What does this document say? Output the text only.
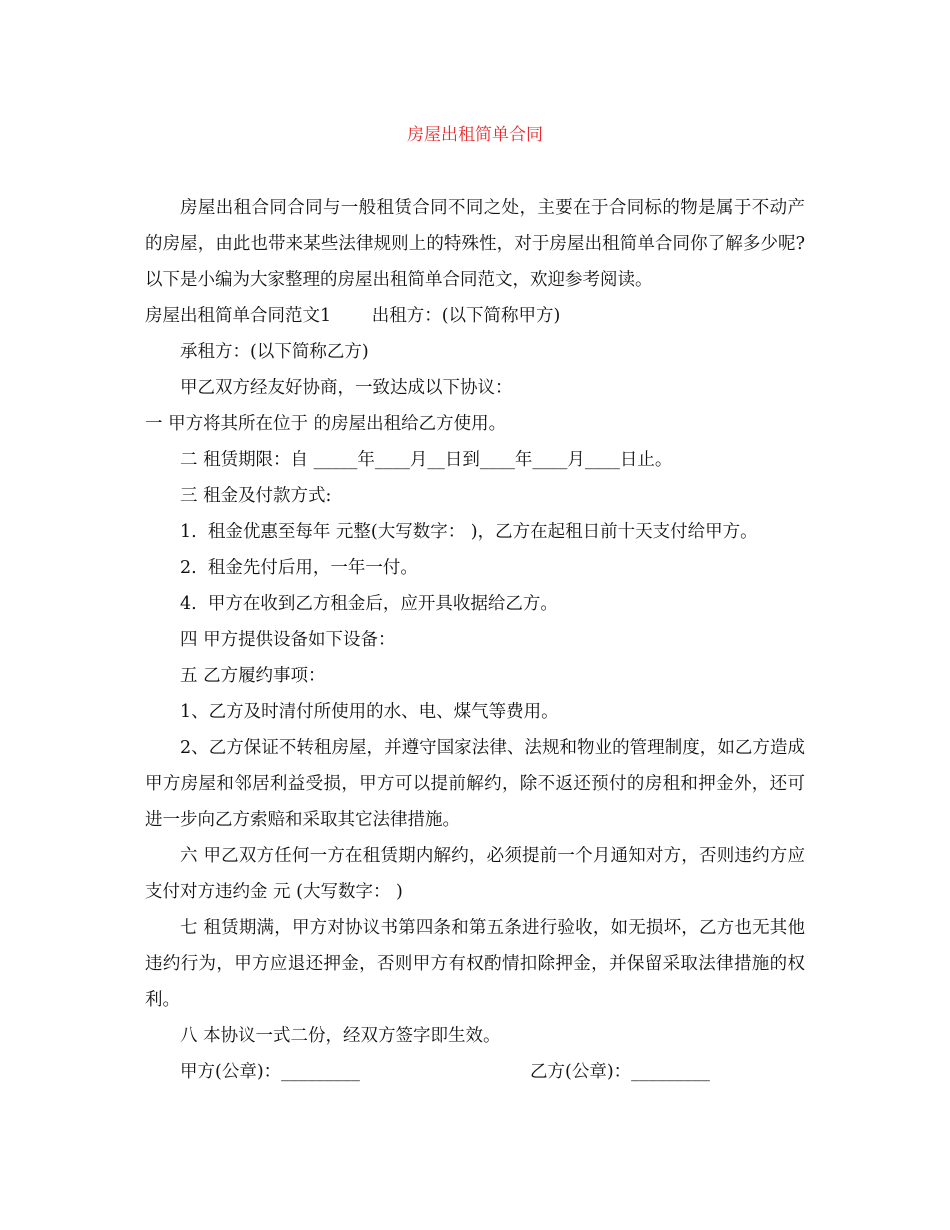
房屋出租简单合同

房屋出租合同合同与一般租赁合同不同之处，主要在于合同标的物是属于不动产的房屋，由此也带来某些法律规则上的特殊性，对于房屋出租简单合同你了解多少呢?以下是小编为大家整理的房屋出租简单合同范文，欢迎参考阅读。

房屋出租简单合同范文1　　 出租方：(以下简称甲方)

承租方：(以下简称乙方)

甲乙双方经友好协商，一致达成以下协议：

一 甲方将其所在位于 的房屋出租给乙方使用。

二 租赁期限：自 _____年____月__日到____年____月____日止。

三 租金及付款方式:

1.  租金优惠至每年 元整(大写数字： )，乙方在起租日前十天支付给甲方。

2.  租金先付后用，一年一付。

4.  甲方在收到乙方租金后，应开具收据给乙方。

四 甲方提供设备如下设备：

五 乙方履约事项：

1、乙方及时清付所使用的水、电、煤气等费用。

2、乙方保证不转租房屋，并遵守国家法律、法规和物业的管理制度，如乙方造成甲方房屋和邻居利益受损，甲方可以提前解约，除不返还预付的房租和押金外，还可进一步向乙方索赔和采取其它法律措施。

六 甲乙双方任何一方在租赁期内解约，必须提前一个月通知对方，否则违约方应支付对方违约金 元 (大写数字： )

七 租赁期满，甲方对协议书第四条和第五条进行验收，如无损坏，乙方也无其他违约行为，甲方应退还押金，否则甲方有权酌情扣除押金，并保留采取法律措施的权利。

八 本协议一式二份，经双方签字即生效。

甲方(公章)：_________	乙方(公章)：_________
